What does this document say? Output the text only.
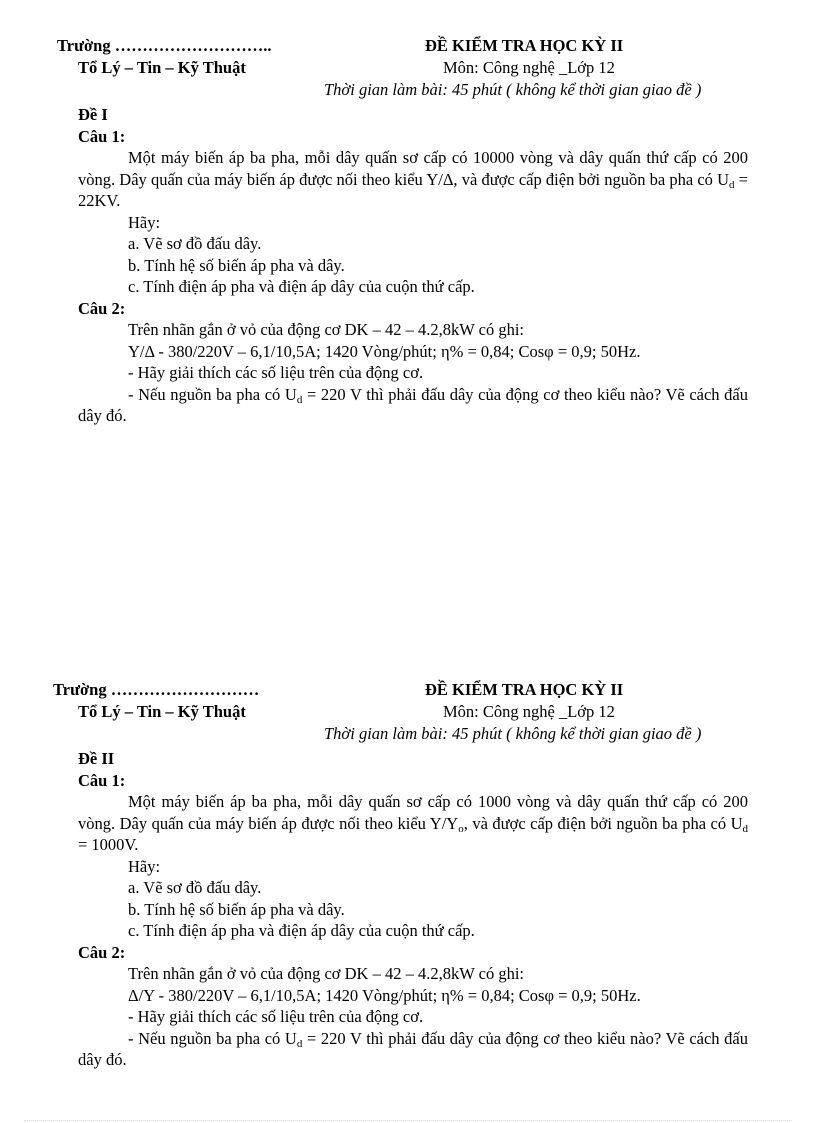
Trường ………………………..	ĐỀ KIỂM TRA HỌC KỲ II
Tổ Lý – Tin – Kỹ Thuật	Môn: Công nghệ _Lớp 12
Thời gian làm bài: 45 phút ( không kể thời gian giao đề )

Đề I

Câu 1:

Một máy biến áp ba pha, mỗi dây quấn sơ cấp có 10000 vòng và dây quấn thứ cấp có 200 vòng. Dây quấn của máy biến áp được nối theo kiểu Y/Δ, và được cấp điện bởi nguồn ba pha có $U_d = 22KV$.

Hãy:

a. Vẽ sơ đồ đấu dây.

b. Tính hệ số biến áp pha và dây.

c. Tính điện áp pha và điện áp dây của cuộn thứ cấp.

Câu 2:

Trên nhãn gắn ở vỏ của động cơ DK – 42 – 4.2,8kW có ghi:

Y/Δ - 380/220V – 6,1/10,5A; 1420 Vòng/phút; η% = 0,84; Cosφ = 0,9; 50Hz.

- Hãy giải thích các số liệu trên của động cơ.

- Nếu nguồn ba pha có $U_d = 220$ V thì phải đấu dây của động cơ theo kiểu nào? Vẽ cách đấu dây đó.

Trường ………………………	ĐỀ KIỂM TRA HỌC KỲ II
Tổ Lý – Tin – Kỹ Thuật	Môn: Công nghệ _Lớp 12
Thời gian làm bài: 45 phút ( không kể thời gian giao đề )

Đề II

Câu 1:

Một máy biến áp ba pha, mỗi dây quấn sơ cấp có 1000 vòng và dây quấn thứ cấp có 200 vòng. Dây quấn của máy biến áp được nối theo kiểu $Y/Y_o$, và được cấp điện bởi nguồn ba pha có $U_d = 1000V$.

Hãy:

a. Vẽ sơ đồ đấu dây.

b. Tính hệ số biến áp pha và dây.

c. Tính điện áp pha và điện áp dây của cuộn thứ cấp.

Câu 2:

Trên nhãn gắn ở vỏ của động cơ DK – 42 – 4.2,8kW có ghi:

Δ/Y - 380/220V – 6,1/10,5A; 1420 Vòng/phút; η% = 0,84; Cosφ = 0,9; 50Hz.

- Hãy giải thích các số liệu trên của động cơ.

- Nếu nguồn ba pha có $U_d = 220$ V thì phải đấu dây của động cơ theo kiểu nào? Vẽ cách đấu dây đó.
